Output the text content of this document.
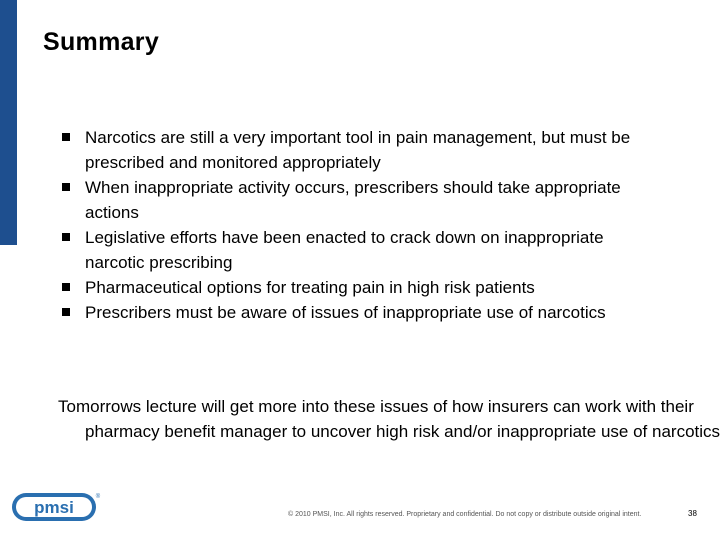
Summary
Narcotics are still a very important tool in pain management, but must be prescribed and monitored appropriately
When inappropriate activity occurs, prescribers should take appropriate actions
Legislative efforts have been enacted to crack down on inappropriate narcotic prescribing
Pharmaceutical options for treating pain in high risk patients
Prescribers must be aware of issues of inappropriate use of narcotics
Tomorrows lecture will get more into these issues of how insurers can work with their pharmacy benefit manager to uncover high risk and/or inappropriate use of narcotics
pmsi
®
© 2010 PMSI, Inc. All rights reserved. Proprietary and confidential. Do not copy or distribute outside original intent.	38
